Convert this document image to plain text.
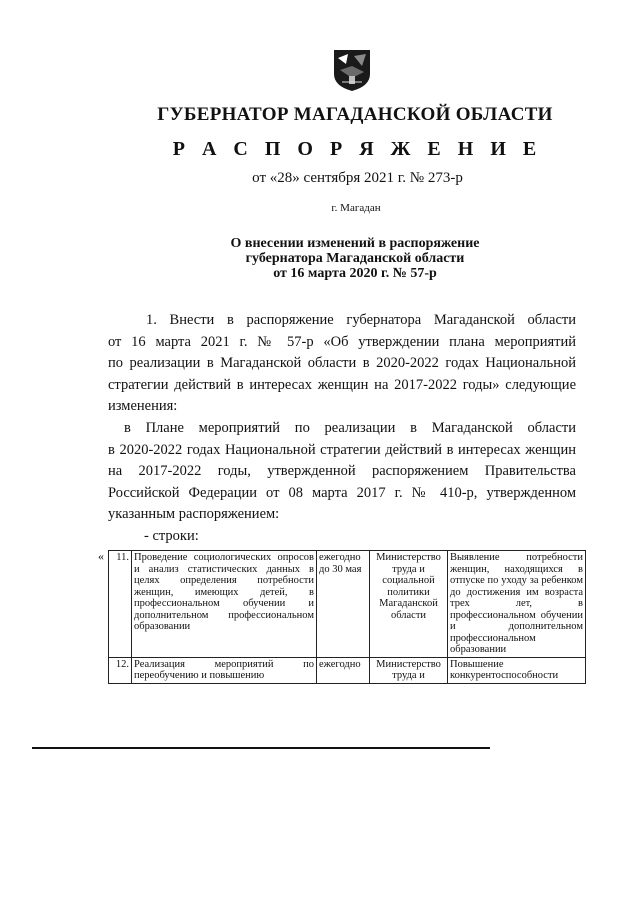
ГУБЕРНАТОР МАГАДАНСКОЙ ОБЛАСТИ
Р А С П О Р Я Ж Е Н И Е
от «28» сентября 2021 г. № 273-р
г. Магадан
О внесении изменений в распоряжение
губернатора Магаданской области
от 16 марта 2020 г. № 57-р
1. Внести в распоряжение губернатора Магаданской области
от 16 марта 2021 г. № 57-р «Об утверждении плана мероприятий
по реализации в Магаданской области в 2020-2022 годах Национальной
стратегии действий в интересах женщин на 2017-2022 годы» следующие
изменения:
в Плане мероприятий по реализации в Магаданской области
в 2020-2022 годах Национальной стратегии действий в интересах женщин
на 2017-2022 годы, утвержденной распоряжением Правительства
Российской Федерации от 08 марта 2017 г. № 410-р, утвержденном
указанным распоряжением:
- строки:
« 11.	Проведение социологических опросов и анализ статистических данных в целях определения потребности женщин, имеющих детей, в профессиональном обучении и дополнительном профессиональном образовании	ежегодно до 30 мая	Министерство труда и социальной политики Магаданской области	Выявление потребности женщин, находящихся в отпуске по уходу за ребенком до достижения им возраста трех лет, в профессиональном обучении и дополнительном профессиональном образовании
12.	Реализация мероприятий по переобучению и повышению	ежегодно	Министерство труда и	Повышение конкурентоспособности
